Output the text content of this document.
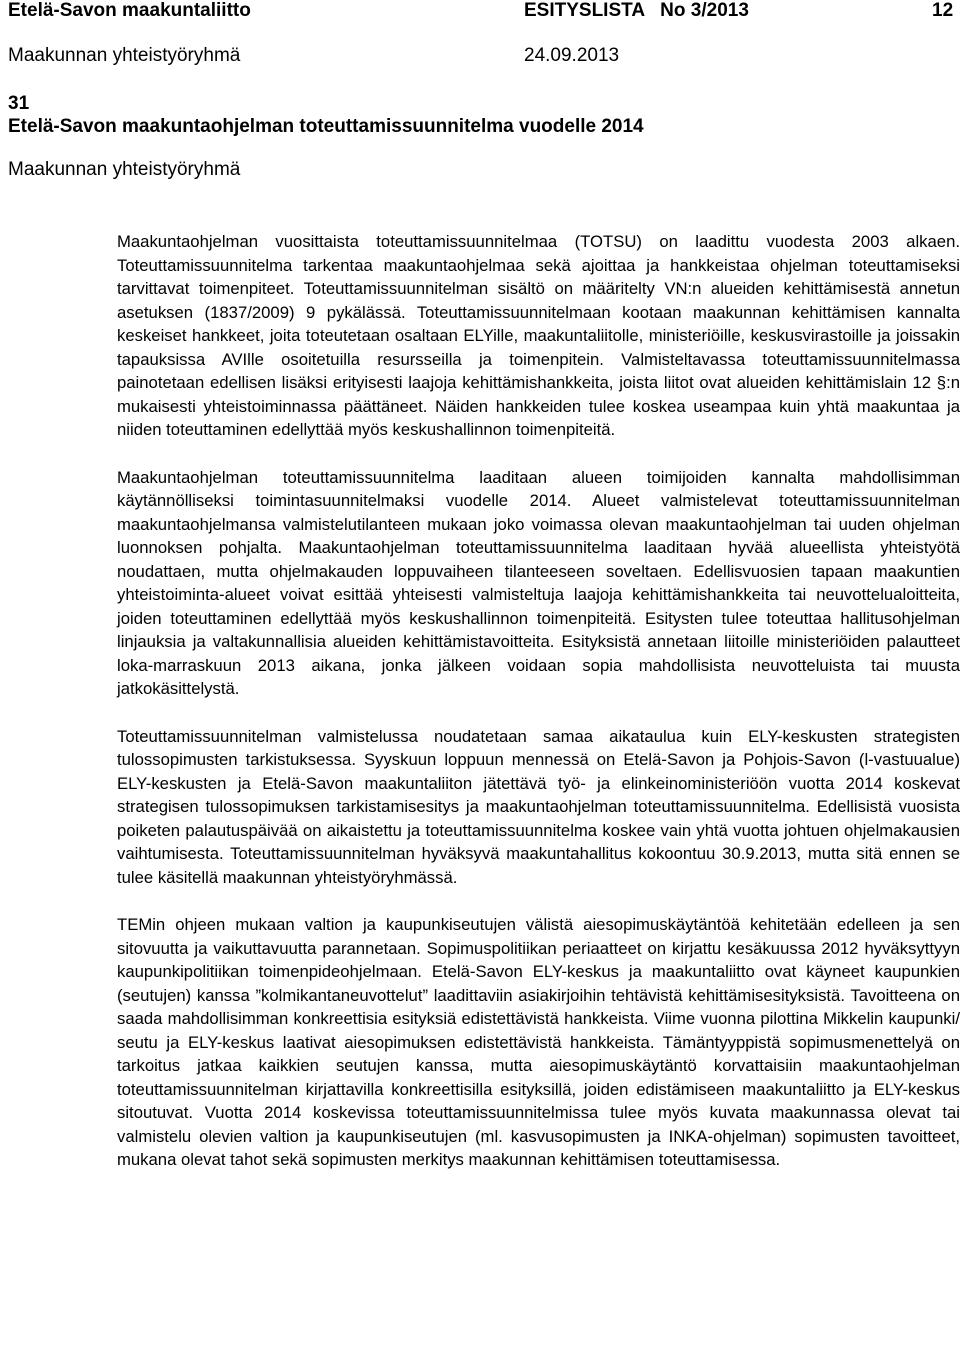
Etelä-Savon maakuntaliitto	ESITYSLISTA   No 3/2013	12
Maakunnan yhteistyöryhmä	24.09.2013
31
Etelä-Savon maakuntaohjelman toteuttamissuunnitelma vuodelle 2014
Maakunnan yhteistyöryhmä

Maakuntaohjelman vuosittaista toteuttamissuunnitelmaa (TOTSU) on laadittu vuodesta 2003 alkaen. Toteuttamissuunnitelma tarkentaa maakuntaohjelmaa sekä ajoittaa ja hankkeistaa ohjelman toteuttamiseksi tarvittavat toimenpiteet. Toteuttamissuunnitelman sisältö on määritelty VN:n alueiden kehittämisestä annetun asetuksen (1837/2009) 9 pykälässä. Toteuttamissuunnitelmaan kootaan maakunnan kehittämisen kannalta keskeiset hankkeet, joita toteutetaan osaltaan ELYille, maakuntaliitolle, ministeriöille, keskusvirastoille ja joissakin tapauksissa AVIlle osoitetuilla resursseilla ja toimenpitein. Valmisteltavassa toteuttamissuunnitelmassa painotetaan edellisen lisäksi erityisesti laajoja kehittämishankkeita, joista liitot ovat alueiden kehittämislain 12 §:n mukaisesti yhteistoiminnassa päättäneet. Näiden hankkeiden tulee koskea useampaa kuin yhtä maakuntaa ja niiden toteuttaminen edellyttää myös keskushallinnon toimenpiteitä.

Maakuntaohjelman toteuttamissuunnitelma laaditaan alueen toimijoiden kannalta mahdollisimman käytännölliseksi toimintasuunnitelmaksi vuodelle 2014. Alueet valmistelevat toteuttamissuunnitelman maakuntaohjelmansa valmistelutilanteen mukaan joko voimassa olevan maakuntaohjelman tai uuden ohjelman luonnoksen pohjalta. Maakuntaohjelman toteuttamissuunnitelma laaditaan hyvää alueellista yhteistyötä noudattaen, mutta ohjelmakauden loppuvaiheen tilanteeseen soveltaen. Edellisvuosien tapaan maakuntien yhteistoiminta-alueet voivat esittää yhteisesti valmisteltuja laajoja kehittämishankkeita tai neuvottelualoitteita, joiden toteuttaminen edellyttää myös keskushallinnon toimenpiteitä. Esitysten tulee toteuttaa hallitusohjelman linjauksia ja valtakunnallisia alueiden kehittämistavoitteita. Esityksistä annetaan liitoille ministeriöiden palautteet loka-marraskuun 2013 aikana, jonka jälkeen voidaan sopia mahdollisista neuvotteluista tai muusta jatkokäsittelystä.

Toteuttamissuunnitelman valmistelussa noudatetaan samaa aikataulua kuin ELY-keskusten strategisten tulossopimusten tarkistuksessa. Syyskuun loppuun mennessä on Etelä-Savon ja Pohjois-Savon (l-vastuualue) ELY-keskusten ja Etelä-Savon maakuntaliiton jätettävä työ- ja elinkeinoministeriöön vuotta 2014 koskevat strategisen tulossopimuksen tarkistamisesitys ja maakuntaohjelman toteuttamissuunnitelma. Edellisistä vuosista poiketen palautuspäivää on aikaistettu ja toteuttamissuunnitelma koskee vain yhtä vuotta johtuen ohjelmakausien vaihtumisesta. Toteuttamissuunnitelman hyväksyvä maakuntahallitus kokoontuu 30.9.2013, mutta sitä ennen se tulee käsitellä maakunnan yhteistyöryhmässä.

TEMin ohjeen mukaan valtion ja kaupunkiseutujen välistä aiesopimuskäytäntöä kehitetään edelleen ja sen sitovuutta ja vaikuttavuutta parannetaan. Sopimuspolitiikan periaatteet on kirjattu kesäkuussa 2012 hyväksyttyyn kaupunkipolitiikan toimenpideohjelmaan. Etelä-Savon ELY-keskus ja maakuntaliitto ovat käyneet kaupunkien (seutujen) kanssa ”kolmikantaneuvottelut” laadittaviin asiakirjoihin tehtävistä kehittämisesityksistä. Tavoitteena on saada mahdollisimman konkreettisia esityksiä edistettävistä hankkeista. Viime vuonna pilottina Mikkelin kaupunki/ seutu ja ELY-keskus laativat aiesopimuksen edistettävistä hankkeista. Tämäntyyppistä sopimusmenettelyä on tarkoitus jatkaa kaikkien seutujen kanssa, mutta aiesopimuskäytäntö korvattaisiin maakuntaohjelman toteuttamissuunnitelman kirjattavilla konkreettisilla esityksillä, joiden edistämiseen maakuntaliitto ja ELY-keskus sitoutuvat. Vuotta 2014 koskevissa toteuttamissuunnitelmissa tulee myös kuvata maakunnassa olevat tai valmistelu olevien valtion ja kaupunkiseutujen (ml. kasvusopimusten ja INKA-ohjelman) sopimusten tavoitteet, mukana olevat tahot sekä sopimusten merkitys maakunnan kehittämisen toteuttamisessa.
